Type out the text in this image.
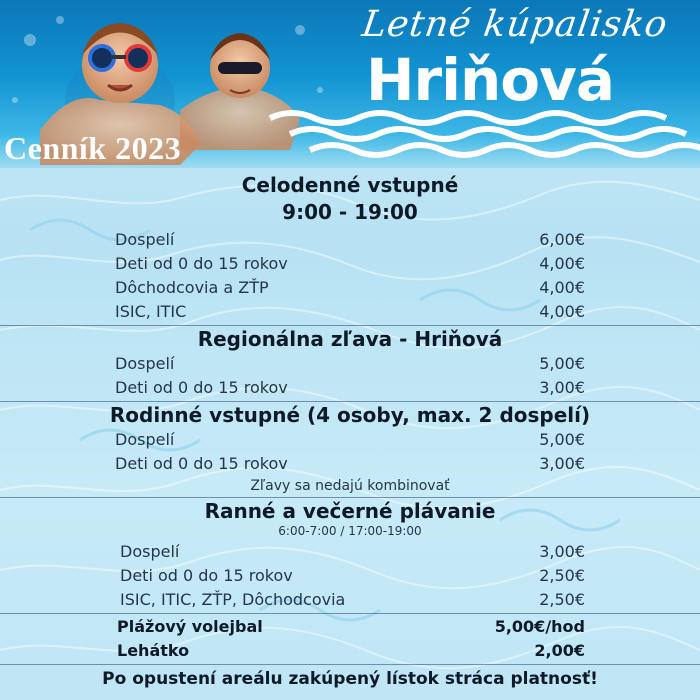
Letné kúpalisko
Hriňová
Cenník 2023
Celodenné vstupné
9:00 - 19:00
Dospelí	6,00€
Deti od 0 do 15 rokov	4,00€
Dôchodcovia a ZŤP	4,00€
ISIC, ITIC	4,00€
Regionálna zľava - Hriňová
Dospelí	5,00€
Deti od 0 do 15 rokov	3,00€
Rodinné vstupné (4 osoby, max. 2 dospelí)
Dospelí	5,00€
Deti od 0 do 15 rokov	3,00€
Zľavy sa nedajú kombinovať
Ranné a večerné plávanie
6:00-7:00 / 17:00-19:00
Dospelí	3,00€
Deti od 0 do 15 rokov	2,50€
ISIC, ITIC, ZŤP, Dôchodcovia	2,50€
Plážový volejbal	5,00€/hod
Lehátko	2,00€
Po opustení areálu zakúpený lístok stráca platnosť!
